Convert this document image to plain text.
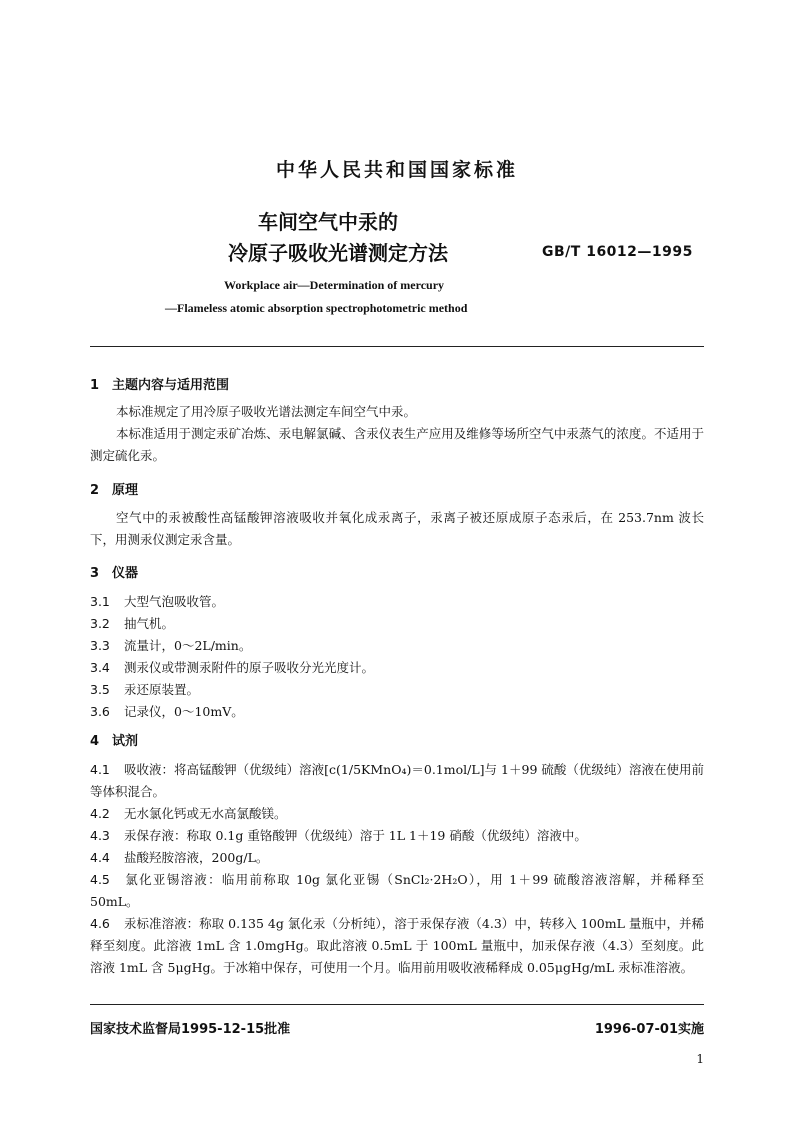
中华人民共和国国家标准
车间空气中汞的
冷原子吸收光谱测定方法	GB/T 16012—1995
Workplace air—Determination of mercury
—Flameless atomic absorption spectrophotometric method
1 主题内容与适用范围

本标准规定了用冷原子吸收光谱法测定车间空气中汞。

本标准适用于测定汞矿冶炼、汞电解氯碱、含汞仪表生产应用及维修等场所空气中汞蒸气的浓度。不适用于测定硫化汞。

2 原理

空气中的汞被酸性高锰酸钾溶液吸收并氧化成汞离子，汞离子被还原成原子态汞后，在 253.7nm 波长下，用测汞仪测定汞含量。

3 仪器
3.1 大型气泡吸收管。
3.2 抽气机。
3.3 流量计，0～2L/min。
3.4 测汞仪或带测汞附件的原子吸收分光光度计。
3.5 汞还原装置。
3.6 记录仪，0～10mV。
4 试剂
4.1 吸收液：将高锰酸钾（优级纯）溶液[c(1/5KMnO₄)＝0.1mol/L]与 1＋99 硫酸（优级纯）溶液在使用前等体积混合。
4.2 无水氯化钙或无水高氯酸镁。
4.3 汞保存液：称取 0.1g 重铬酸钾（优级纯）溶于 1L 1＋19 硝酸（优级纯）溶液中。
4.4 盐酸羟胺溶液，200g/L。
4.5 氯化亚锡溶液：临用前称取 10g 氯化亚锡（SnCl₂·2H₂O），用 1＋99 硫酸溶液溶解，并稀释至 50mL。
4.6 汞标准溶液：称取 0.135 4g 氯化汞（分析纯），溶于汞保存液（4.3）中，转移入 100mL 量瓶中，并稀释至刻度。此溶液 1mL 含 1.0mgHg。取此溶液 0.5mL 于 100mL 量瓶中，加汞保存液（4.3）至刻度。此溶液 1mL 含 5μgHg。于冰箱中保存，可使用一个月。临用前用吸收液稀释成 0.05μgHg/mL 汞标准溶液。
国家技术监督局1995-12-15批准	1996-07-01实施
1
